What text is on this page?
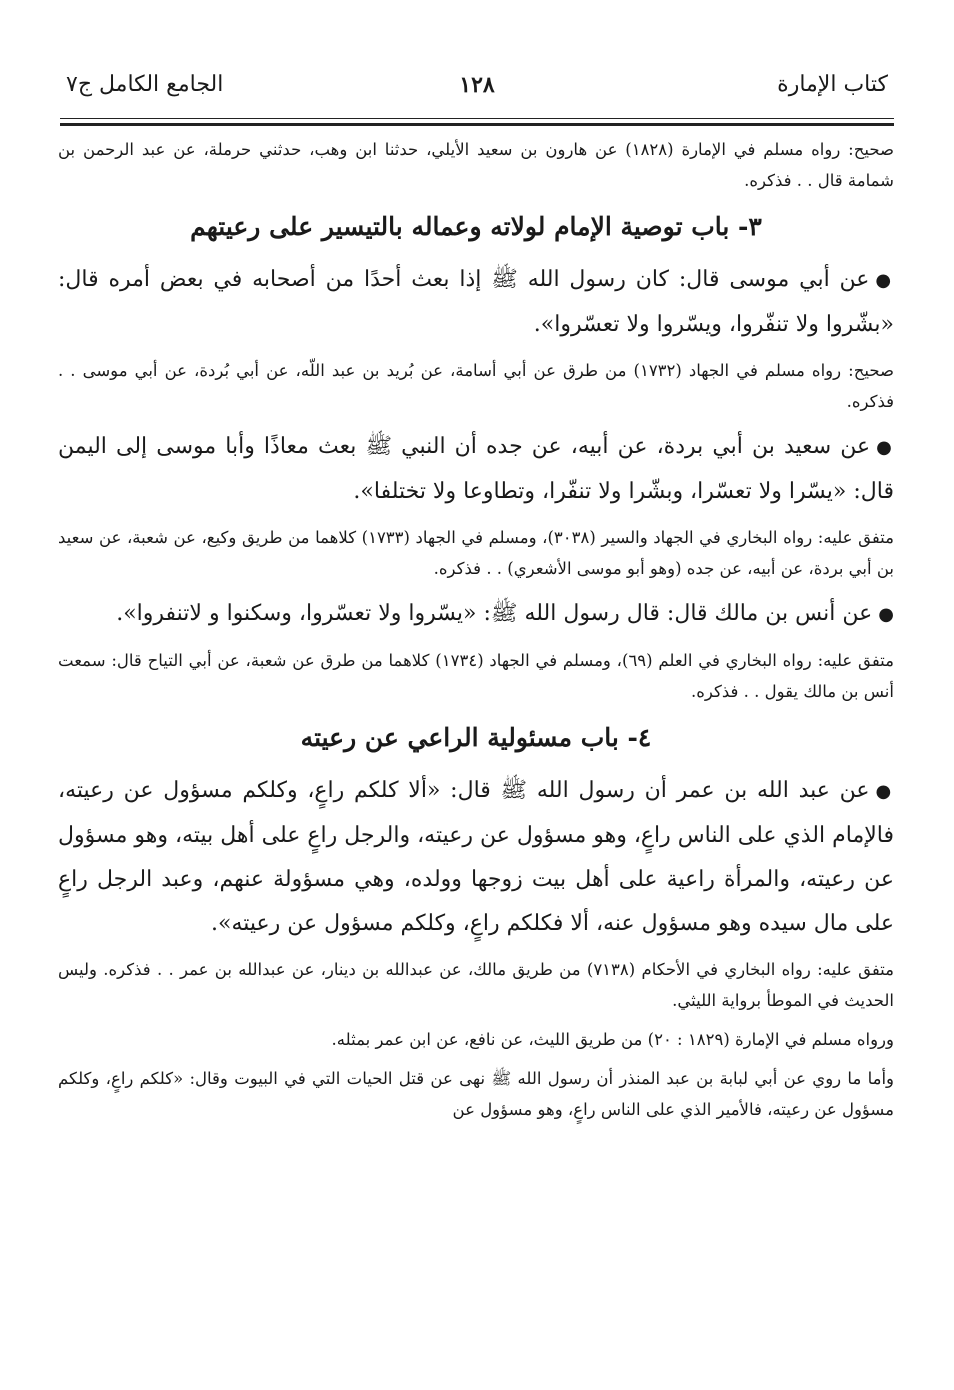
كتاب الإمارة
١٢٨
الجامع الكامل ج٧

صحيح: رواه مسلم في الإمارة (١٨٢٨) عن هارون بن سعيد الأيلي، حدثنا ابن وهب، حدثني حرملة، عن عبد الرحمن بن شمامة قال . . فذكره.

٣- باب توصية الإمام لولاته وعماله بالتيسير على رعيتهم

●عن أبي موسى قال: كان رسول الله ﷺ إذا بعث أحدًا من أصحابه في بعض أمره قال: «بشّروا ولا تنفّروا، ويسّروا ولا تعسّروا».

صحيح: رواه مسلم في الجهاد (١٧٣٢) من طرق عن أبي أسامة، عن بُريد بن عبد اللّه، عن أبي بُردة، عن أبي موسى . . فذكره.

●عن سعيد بن أبي بردة، عن أبيه، عن جده أن النبي ﷺ بعث معاذًا وأبا موسى إلى اليمن قال: «يسّرا ولا تعسّرا، وبشّرا ولا تنفّرا، وتطاوعا ولا تختلفا».

متفق عليه: رواه البخاري في الجهاد والسير (٣٠٣٨)، ومسلم في الجهاد (١٧٣٣) كلاهما من طريق وكيع، عن شعبة، عن سعيد بن أبي بردة، عن أبيه، عن جده (وهو أبو موسى الأشعري) . . فذكره.

●عن أنس بن مالك قال: قال رسول الله ﷺ: «يسّروا ولا تعسّروا، وسكنوا و لاتنفروا».

متفق عليه: رواه البخاري في العلم (٦٩)، ومسلم في الجهاد (١٧٣٤) كلاهما من طرق عن شعبة، عن أبي التياح قال: سمعت أنس بن مالك يقول . . فذكره.

٤- باب مسئولية الراعي عن رعيته

●عن عبد الله بن عمر أن رسول الله ﷺ قال: «ألا كلكم راعٍ، وكلكم مسؤول عن رعيته، فالإمام الذي على الناس راعٍ، وهو مسؤول عن رعيته، والرجل راعٍ على أهل بيته، وهو مسؤول عن رعيته، والمرأة راعية على أهل بيت زوجها وولده، وهي مسؤولة عنهم، وعبد الرجل راعٍ على مال سيده وهو مسؤول عنه، ألا فكلكم راعٍ، وكلكم مسؤول عن رعيته».

متفق عليه: رواه البخاري في الأحكام (٧١٣٨) من طريق مالك، عن عبدالله بن دينار، عن عبدالله بن عمر . . فذكره. وليس الحديث في الموطأ برواية الليثي.

ورواه مسلم في الإمارة (١٨٢٩ : ٢٠) من طريق الليث، عن نافع، عن ابن عمر بمثله.

وأما ما روي عن أبي لبابة بن عبد المنذر أن رسول الله ﷺ نهى عن قتل الحيات التي في البيوت وقال: «كلكم راعٍ، وكلكم مسؤول عن رعيته، فالأمير الذي على الناس راعٍ، وهو مسؤول عن
